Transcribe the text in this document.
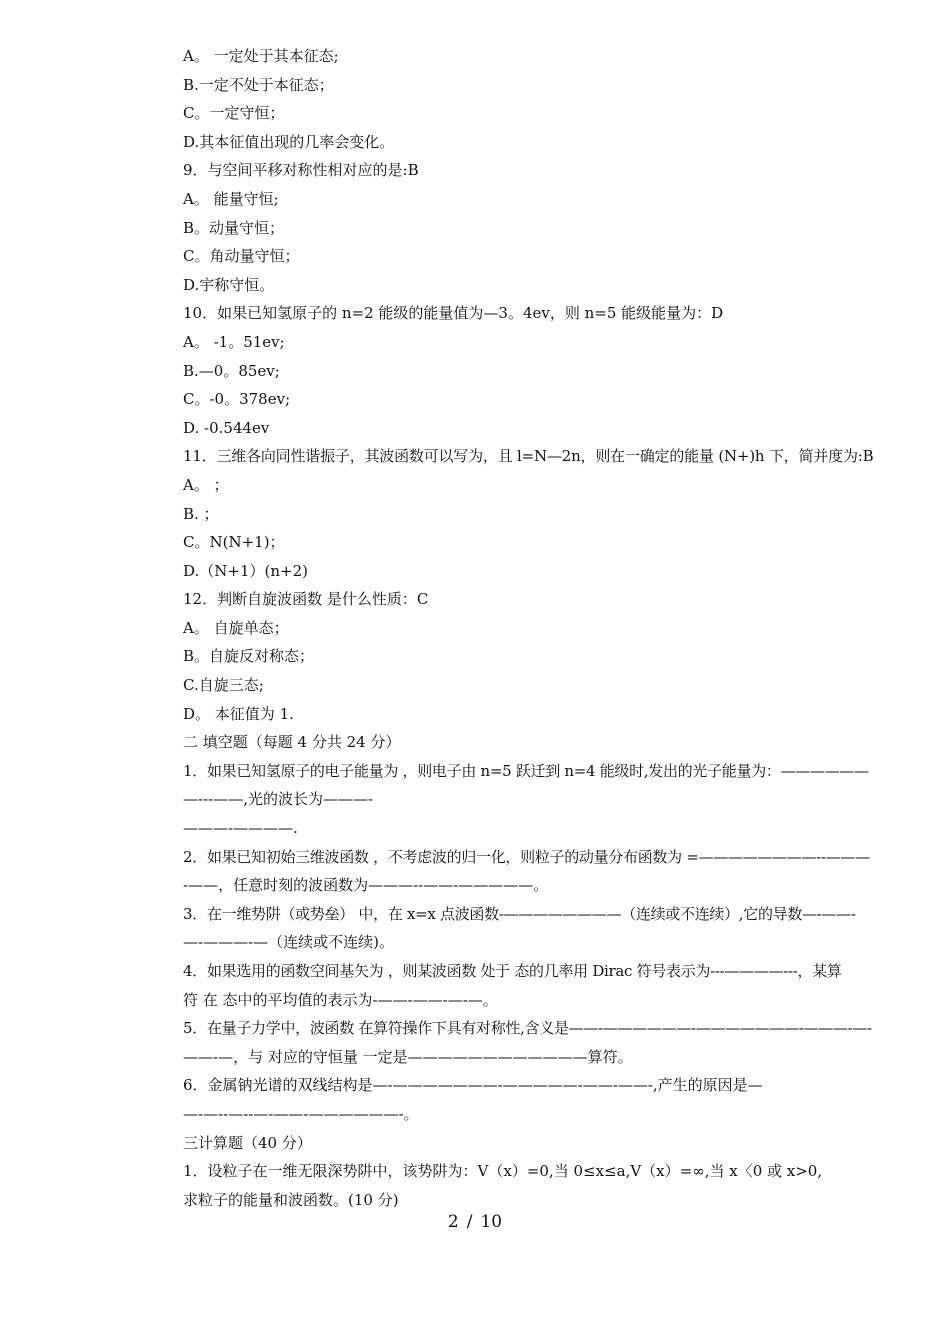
A。 一定处于其本征态;
B.一定不处于本征态；
C。一定守恒；
D.其本征值出现的几率会变化。
9．与空间平移对称性相对应的是:B
A。 能量守恒;
B。动量守恒；
C。角动量守恒；
D.宇称守恒。
10．如果已知氢原子的 n=2 能级的能量值为—3。4ev，则 n=5 能级能量为：D
A。 -1。51ev;
B.—0。85ev;
C。-0。378ev;
D. -0.544ev
11．三维各向同性谐振子，其波函数可以写为，且 l=N—2n，则在一确定的能量 (N+)h 下，简并度为:B
A。 ；
B. ；
C。N(N+1)；
D.（N+1）(n+2)
12．判断自旋波函数 是什么性质：C
A。 自旋单态；
B。自旋反对称态；
C.自旋三态;
D。 本征值为 1.
二 填空题（每题 4 分共 24 分）
1．如果已知氢原子的电子能量为 ，则电子由 n=5 跃迁到 n=4 能级时,发出的光子能量为：——————
—---——,光的波长为———-
———-————.
2．如果已知初始三维波函数 ，不考虑波的归一化，则粒子的动量分布函数为 =————————--———
-——，任意时刻的波函数为———--——-—————。
3．在一维势阱（或势垒） 中，在 x=x 点波函数-————————（连续或不连续）,它的导数—-——-
—-———-—（连续或不连续)。
4．如果选用的函数空间基矢为 ，则某波函数 处于 态的几率用 Dirac 符号表示为---————---，某算
符 在 态中的平均值的表示为-——-——-—-—。
5．在量子力学中，波函数 在算符操作下具有对称性,含义是——-——————-———————-———-—-
——-—，与 对应的守恒量 一定是————————————算符。
6．金属钠光谱的双线结构是—-———————-—————-——-——-,产生的原因是—
—-—--—--—-——-——————-。
三计算题（40 分）
1．设粒子在一维无限深势阱中，该势阱为：V（x）=0,当 0≤x≤a,V（x）=∞,当 x〈0 或 x>0,
求粒子的能量和波函数。(10 分)
2 / 10
